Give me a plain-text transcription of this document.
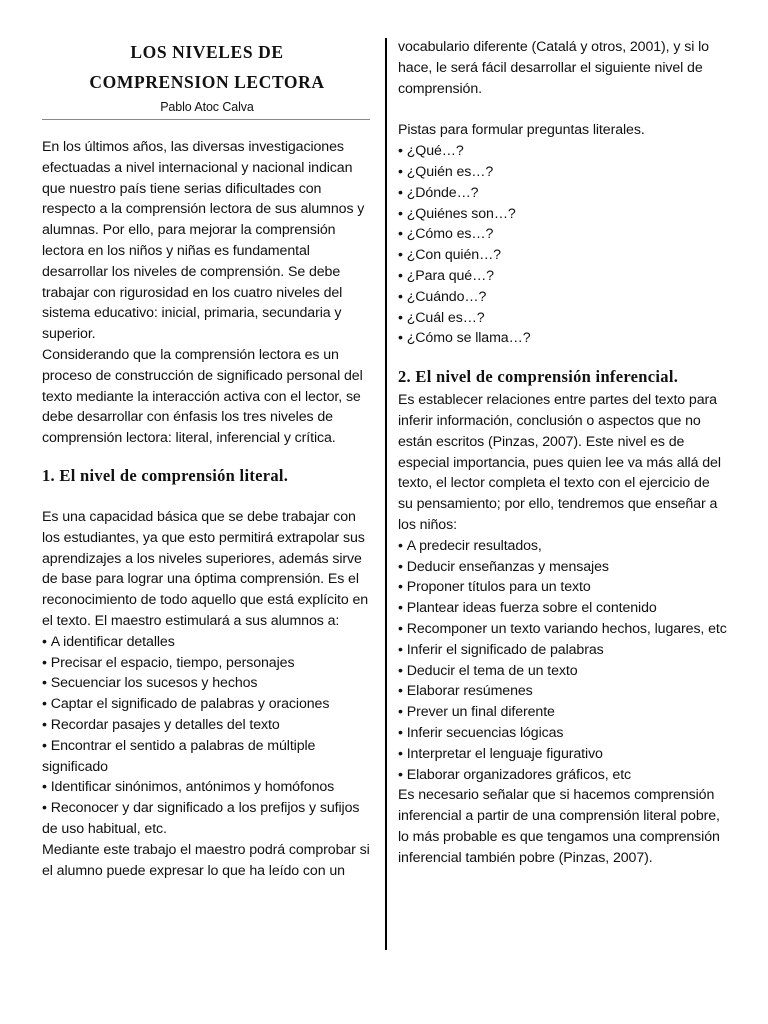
LOS NIVELES DE
COMPRENSION LECTORA
Pablo Atoc Calva

En los últimos años, las diversas investigaciones efectuadas a nivel internacional y nacional indican que nuestro país tiene serias dificultades con respecto a la comprensión lectora de sus alumnos y alumnas. Por ello, para mejorar la comprensión lectora en los niños y niñas es fundamental desarrollar los niveles de comprensión. Se debe trabajar con rigurosidad en los cuatro niveles del sistema educativo: inicial, primaria, secundaria y superior.

Considerando que la comprensión lectora es un proceso de construcción de significado personal del texto mediante la interacción activa con el lector, se debe desarrollar con énfasis los tres niveles de comprensión lectora: literal, inferencial y crítica.

1. El nivel de comprensión literal.

Es una capacidad básica que se debe trabajar con los estudiantes, ya que esto permitirá extrapolar sus aprendizajes a los niveles superiores, además sirve de base para lograr una óptima comprensión. Es el reconocimiento de todo aquello que está explícito en el texto. El maestro estimulará a sus alumnos a:

• A identificar detalles
• Precisar el espacio, tiempo, personajes
• Secuenciar los sucesos y hechos
• Captar el significado de palabras y oraciones
• Recordar pasajes y detalles del texto
• Encontrar el sentido a palabras de múltiple significado
• Identificar sinónimos, antónimos y homófonos
• Reconocer y dar significado a los prefijos y sufijos de uso habitual, etc.

Mediante este trabajo el maestro podrá comprobar si el alumno puede expresar lo que ha leído con un

vocabulario diferente (Catalá y otros, 2001), y si lo hace, le será fácil desarrollar el siguiente nivel de comprensión.

Pistas para formular preguntas literales.

• ¿Qué…?
• ¿Quién es…?
• ¿Dónde…?
• ¿Quiénes son…?
• ¿Cómo es…?
• ¿Con quién…?
• ¿Para qué…?
• ¿Cuándo…?
• ¿Cuál es…?
• ¿Cómo se llama…?
2. El nivel de comprensión inferencial.

Es establecer relaciones entre partes del texto para inferir información, conclusión o aspectos que no están escritos (Pinzas, 2007). Este nivel es de especial importancia, pues quien lee va más allá del texto, el lector completa el texto con el ejercicio de su pensamiento; por ello, tendremos que enseñar a los niños:

• A predecir resultados,
• Deducir enseñanzas y mensajes
• Proponer títulos para un texto
• Plantear ideas fuerza sobre el contenido
• Recomponer un texto variando hechos, lugares, etc
• Inferir el significado de palabras
• Deducir el tema de un texto
• Elaborar resúmenes
• Prever un final diferente
• Inferir secuencias lógicas
• Interpretar el lenguaje figurativo
• Elaborar organizadores gráficos, etc

Es necesario señalar que si hacemos comprensión inferencial a partir de una comprensión literal pobre, lo más probable es que tengamos una comprensión inferencial también pobre (Pinzas, 2007).
